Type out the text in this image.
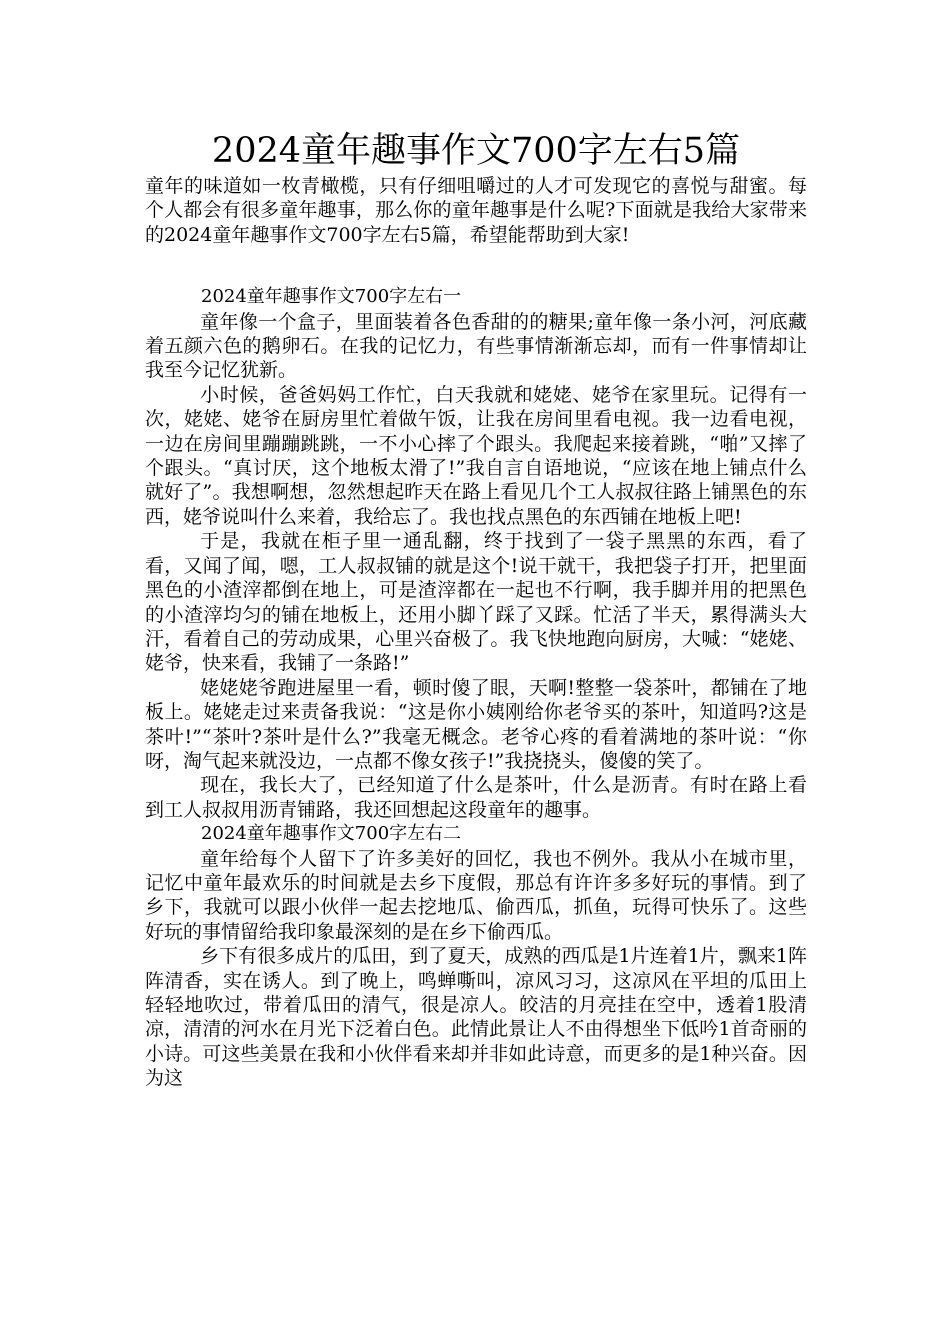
2024童年趣事作文700字左右5篇

童年的味道如一枚青橄榄，只有仔细咀嚼过的人才可发现它的喜悦与甜蜜。每个人都会有很多童年趣事，那么你的童年趣事是什么呢?下面就是我给大家带来的2024童年趣事作文700字左右5篇，希望能帮助到大家!

2024童年趣事作文700字左右一

童年像一个盒子，里面装着各色香甜的的糖果;童年像一条小河，河底藏着五颜六色的鹅卵石。在我的记忆力，有些事情渐渐忘却，而有一件事情却让我至今记忆犹新。

小时候，爸爸妈妈工作忙，白天我就和姥姥、姥爷在家里玩。记得有一次，姥姥、姥爷在厨房里忙着做午饭，让我在房间里看电视。我一边看电视，一边在房间里蹦蹦跳跳，一不小心摔了个跟头。我爬起来接着跳，“啪”又摔了个跟头。“真讨厌，这个地板太滑了!”我自言自语地说，“应该在地上铺点什么就好了”。我想啊想，忽然想起昨天在路上看见几个工人叔叔往路上铺黑色的东西，姥爷说叫什么来着，我给忘了。我也找点黑色的东西铺在地板上吧!

于是，我就在柜子里一通乱翻，终于找到了一袋子黑黑的东西，看了看，又闻了闻，嗯，工人叔叔铺的就是这个!说干就干，我把袋子打开，把里面黑色的小渣滓都倒在地上，可是渣滓都在一起也不行啊，我手脚并用的把黑色的小渣滓均匀的铺在地板上，还用小脚丫踩了又踩。忙活了半天，累得满头大汗，看着自己的劳动成果，心里兴奋极了。我飞快地跑向厨房，大喊：“姥姥、姥爷，快来看，我铺了一条路!”

姥姥姥爷跑进屋里一看，顿时傻了眼，天啊!整整一袋茶叶，都铺在了地板上。姥姥走过来责备我说：“这是你小姨刚给你老爷买的茶叶，知道吗?这是茶叶!”“茶叶?茶叶是什么?”我毫无概念。老爷心疼的看着满地的茶叶说：“你呀，淘气起来就没边，一点都不像女孩子!”我挠挠头，傻傻的笑了。

现在，我长大了，已经知道了什么是茶叶，什么是沥青。有时在路上看到工人叔叔用沥青铺路，我还回想起这段童年的趣事。

2024童年趣事作文700字左右二

童年给每个人留下了许多美好的回忆，我也不例外。我从小在城市里，记忆中童年最欢乐的时间就是去乡下度假，那总有许许多多好玩的事情。到了乡下，我就可以跟小伙伴一起去挖地瓜、偷西瓜，抓鱼，玩得可快乐了。这些好玩的事情留给我印象最深刻的是在乡下偷西瓜。

乡下有很多成片的瓜田，到了夏天，成熟的西瓜是1片连着1片，飘来1阵阵清香，实在诱人。到了晚上，鸣蝉嘶叫，凉风习习，这凉风在平坦的瓜田上轻轻地吹过，带着瓜田的清气，很是凉人。皎洁的月亮挂在空中，透着1股清凉，清清的河水在月光下泛着白色。此情此景让人不由得想坐下低吟1首奇丽的小诗。可这些美景在我和小伙伴看来却并非如此诗意，而更多的是1种兴奋。因为这
